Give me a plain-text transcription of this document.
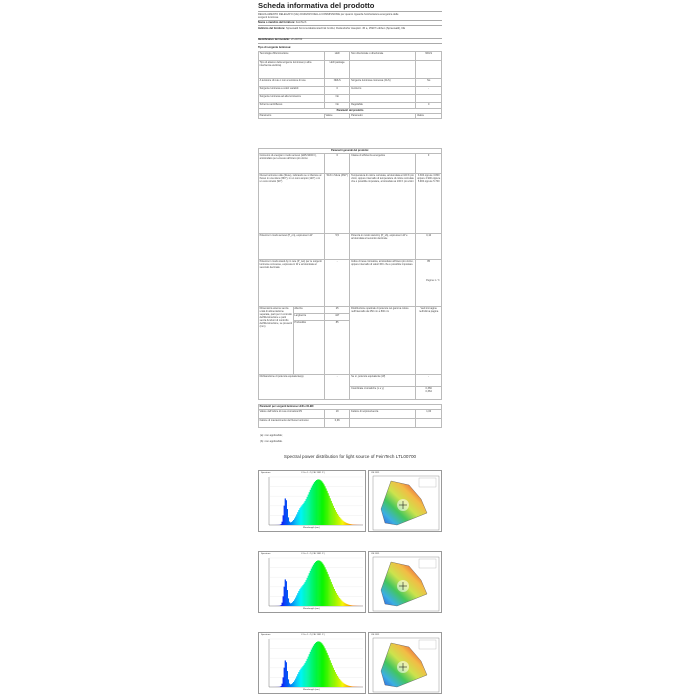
Scheda informativa del prodotto
REGOLAMENTO DELEGATO (UE) 2019/2015 DELLA COMMISSIONE per quanto riguarda l'etichettatura energetica delle sorgenti luminose
Nome o marchio del fornitore: FeinTech
Indirizzo del fornitore: Spreewald Kommunikationstechnik GmbH, Rudendorfer Hauptstr. 45 a, 15907 Lübben (Spreewald), DE
Identificativo del modello: LTL00700
Tipo di sorgente luminosa:
Tecnologia d'illuminazione	LED	Non direzionale o direzionale	NDLS
Tipo di attacco della sorgente luminosa (o altra interfaccia elettrica)	LED package		
A tensione di rete o non a tensione di rete	NMLS	Sorgente luminosa connessa (CLS)	No
Sorgente luminosa a colori variabili	0	Involucro	-
Sorgente luminosa ad alta luminanza	No		
Schermo antiriflesso	No	Regolabile	0
Parametri del prodotto			
Parametro	Valore	Parametro	Valore
Parametri generali del prodotto:				
Consumo di energia in modo acceso (kWh/1000 h), arrotondato per eccesso all'intero più vicino		6	Classe di efficienza energetica	F
Flusso luminoso utile (Φuse), indicando se si riferisce al flusso in una sfera (360°), in un cono ampio (120°) o in un cono stretto (90°)		543 in Sfera (360°)	Temperatura di colore correlata, arrotondata ai 100 K più vicini, oppure intervallo di temperature di colore correlate che è possibile impostare, arrotondato ai 100 K più vicini	3.300 oppure 3.800 oppure 4.900 oppure 5.900 oppure 5.700
Potenza in modo acceso (P_on), espressa in W		5,5	Potenza in modo stand-by (P_sb), espressa in W e arrotondata al secondo decimale	0,10
Potenza in modo stand-by in rete (P_net) per le sorgenti luminose connesse, espressa in W e arrotondata al secondo decimale		-	Indice di resa cromatica, arrotondato all'intero più vicino, oppure intervallo di valori IRC che è possibile impostare	85
Dimensioni esterne senza unità di alimentazione separata, parti per il controllo dell'illuminazione e parti senza funzioni di controllo dell'illuminazione, se presenti (mm)	Altezza	25	Distribuzione spettrale di potenza nel gamma colore nell'intervallo da 250 nm a 800 nm	Vedi immagine nell'ultima pagina
	Larghezza	447		
	Profondità	85		
Dichiarazione di potenza equivalente(a)		-	Se sì, potenza equivalente (W)	-
			Coordinate cromatiche (x e y)	0,366
0,364
Parametri per sorgenti luminose LED e OLED:			
Valore dell'indice di resa cromatica R9	19	Fattore di sopravvivenza	1,00
Fattore di mantenimento del flusso luminoso	0,96		
(a): non applicabile;
(b): non applicabile.
Pagina 1 / 3
Spectral power distribution for light source of FeinTech LTL00700
Spectrum	C.S.= 1.-7 (CIE 1931 2°)
Wavelength (nm)
CIE 1931
Spectrum	C.S.= 1.-7 (CIE 1931 2°)
Wavelength (nm)
CIE 1931
Spectrum	C.S.= 1.-7 (CIE 1931 2°)
Wavelength (nm)
CIE 1931
